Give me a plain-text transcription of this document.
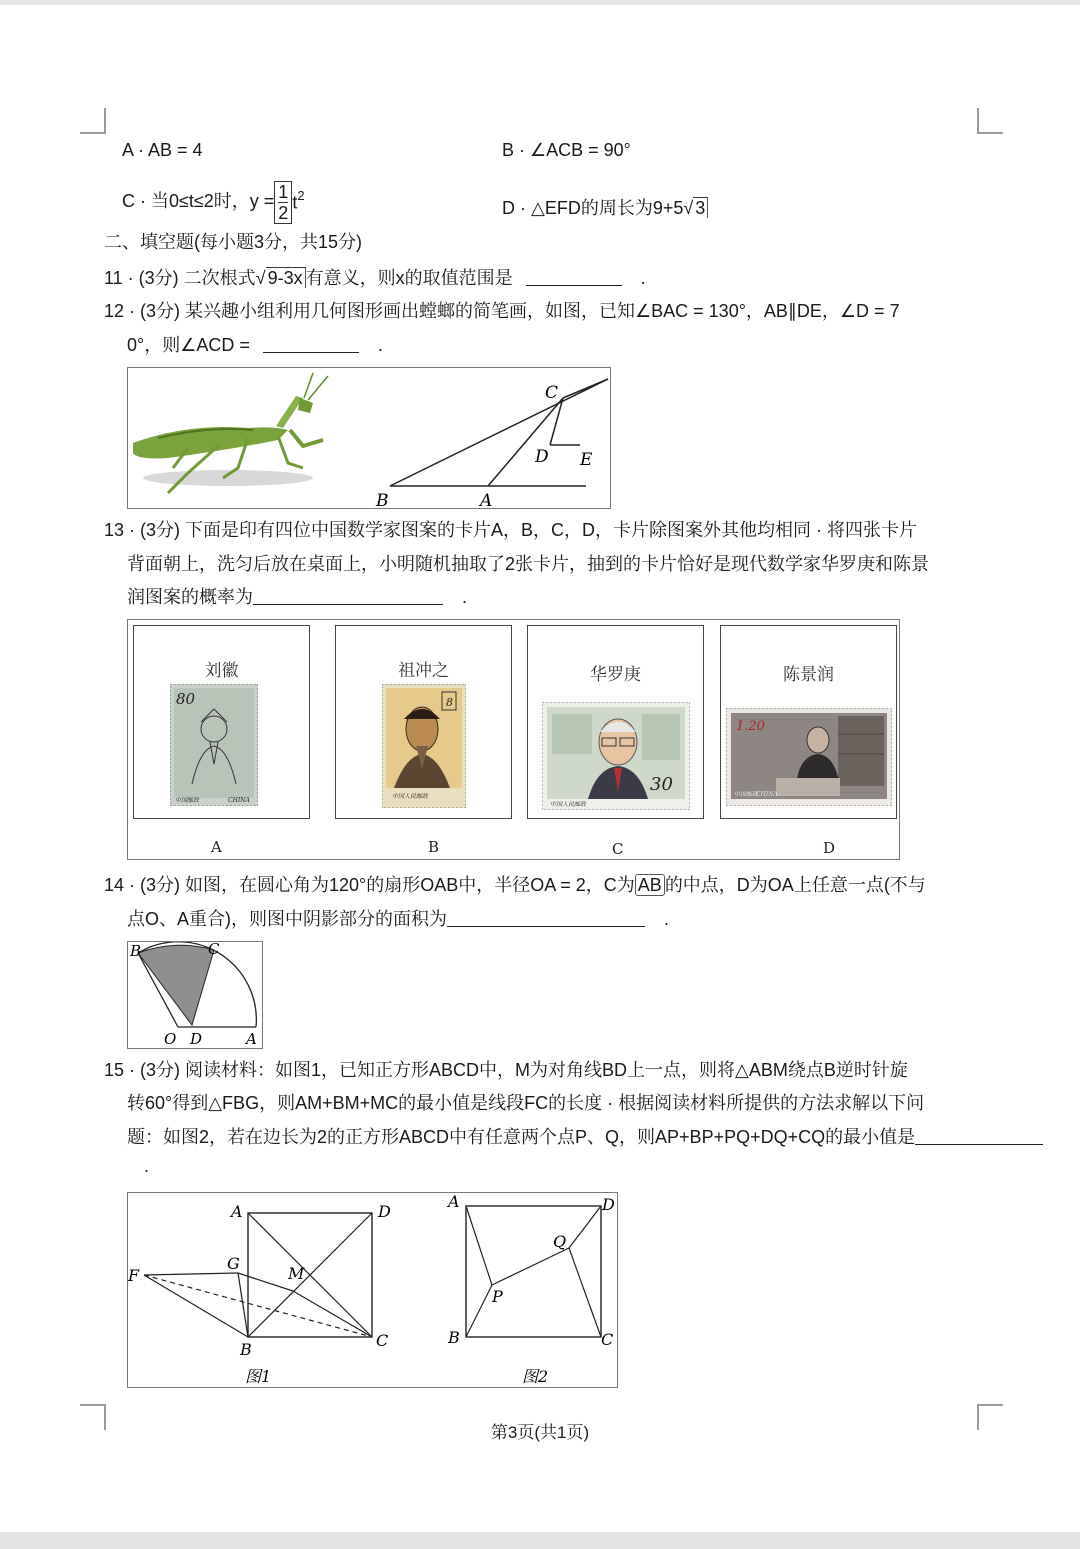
A · AB = 4	B · ∠ACB = 90°
C · 当0≤t≤2时，$y = \frac{1}{2} t^2$
D · △EFD的周长为9+5√ 3
二、填空题(每小题3分，共15分)
11 · (3分) 二次根式√ 9-3x 有意义，则x的取值范围是	.
12 · (3分) 某兴趣小组利用几何图形画出螳螂的简笔画，如图，已知∠BAC = 130°，AB∥DE，∠D = 7
0°，则∠ACD =	.
C
D E
B	A
13 · (3分) 下面是印有四位中国数学家图案的卡片A，B，C，D，卡片除图案外其他均相同 · 将四张卡片
背面朝上，洗匀后放在桌面上，小明随机抽取了2张卡片，抽到的卡片恰好是现代数学家华罗庚和陈景
润图案的概率为	.
刘徽
80
中国邮政	CHINA
A
祖冲之
8
中国人民邮政
B
华罗庚
30
中国人民邮政
C
陈景润
1.20
中国邮政
CHINA
D
14 · (3分) 如图，在圆心角为120°的扇形OAB中，半径OA = 2，C为 AB 的中点，D为OA上任意一点(不与
点O、A重合)，则图中阴影部分的面积为	.
B	C
O D	A
15 · (3分) 阅读材料：如图1，已知正方形ABCD中，M为对角线BD上一点，则将△ABM绕点B逆时针旋
转60°得到△FBG，则AM+BM+MC的最小值是线段FC的长度 · 根据阅读材料所提供的方法求解以下问
题：如图2，若在边长为2的正方形ABCD中有任意两个点P、Q，则AP+BP+PQ+DQ+CQ的最小值是
.
A	D
F
G
M
B	C
图1
A	D
Q
P
B	C
图2
第3页(共1页)
